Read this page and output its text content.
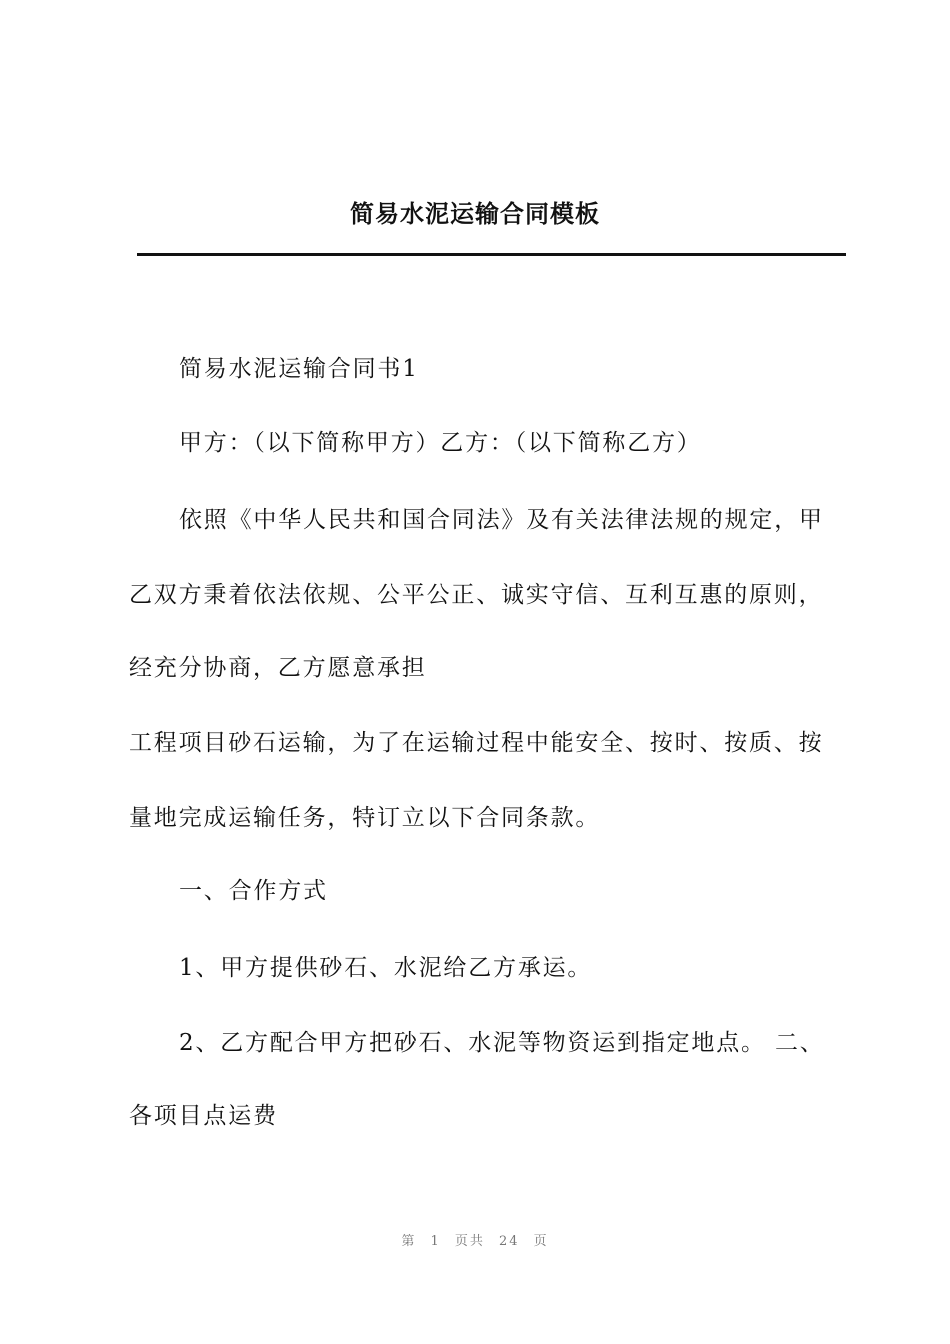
简易水泥运输合同模板
简易水泥运输合同书1
甲方：（以下简称甲方）乙方：（以下简称乙方）
依照《中华人民共和国合同法》及有关法律法规的规定，甲
乙双方秉着依法依规、公平公正、诚实守信、互利互惠的原则，
经充分协商，乙方愿意承担
工程项目砂石运输，为了在运输过程中能安全、按时、按质、按
量地完成运输任务，特订立以下合同条款。
一、合作方式
1、甲方提供砂石、水泥给乙方承运。
2、乙方配合甲方把砂石、水泥等物资运到指定地点。 二、
各项目点运费
第 1 页共 24 页
